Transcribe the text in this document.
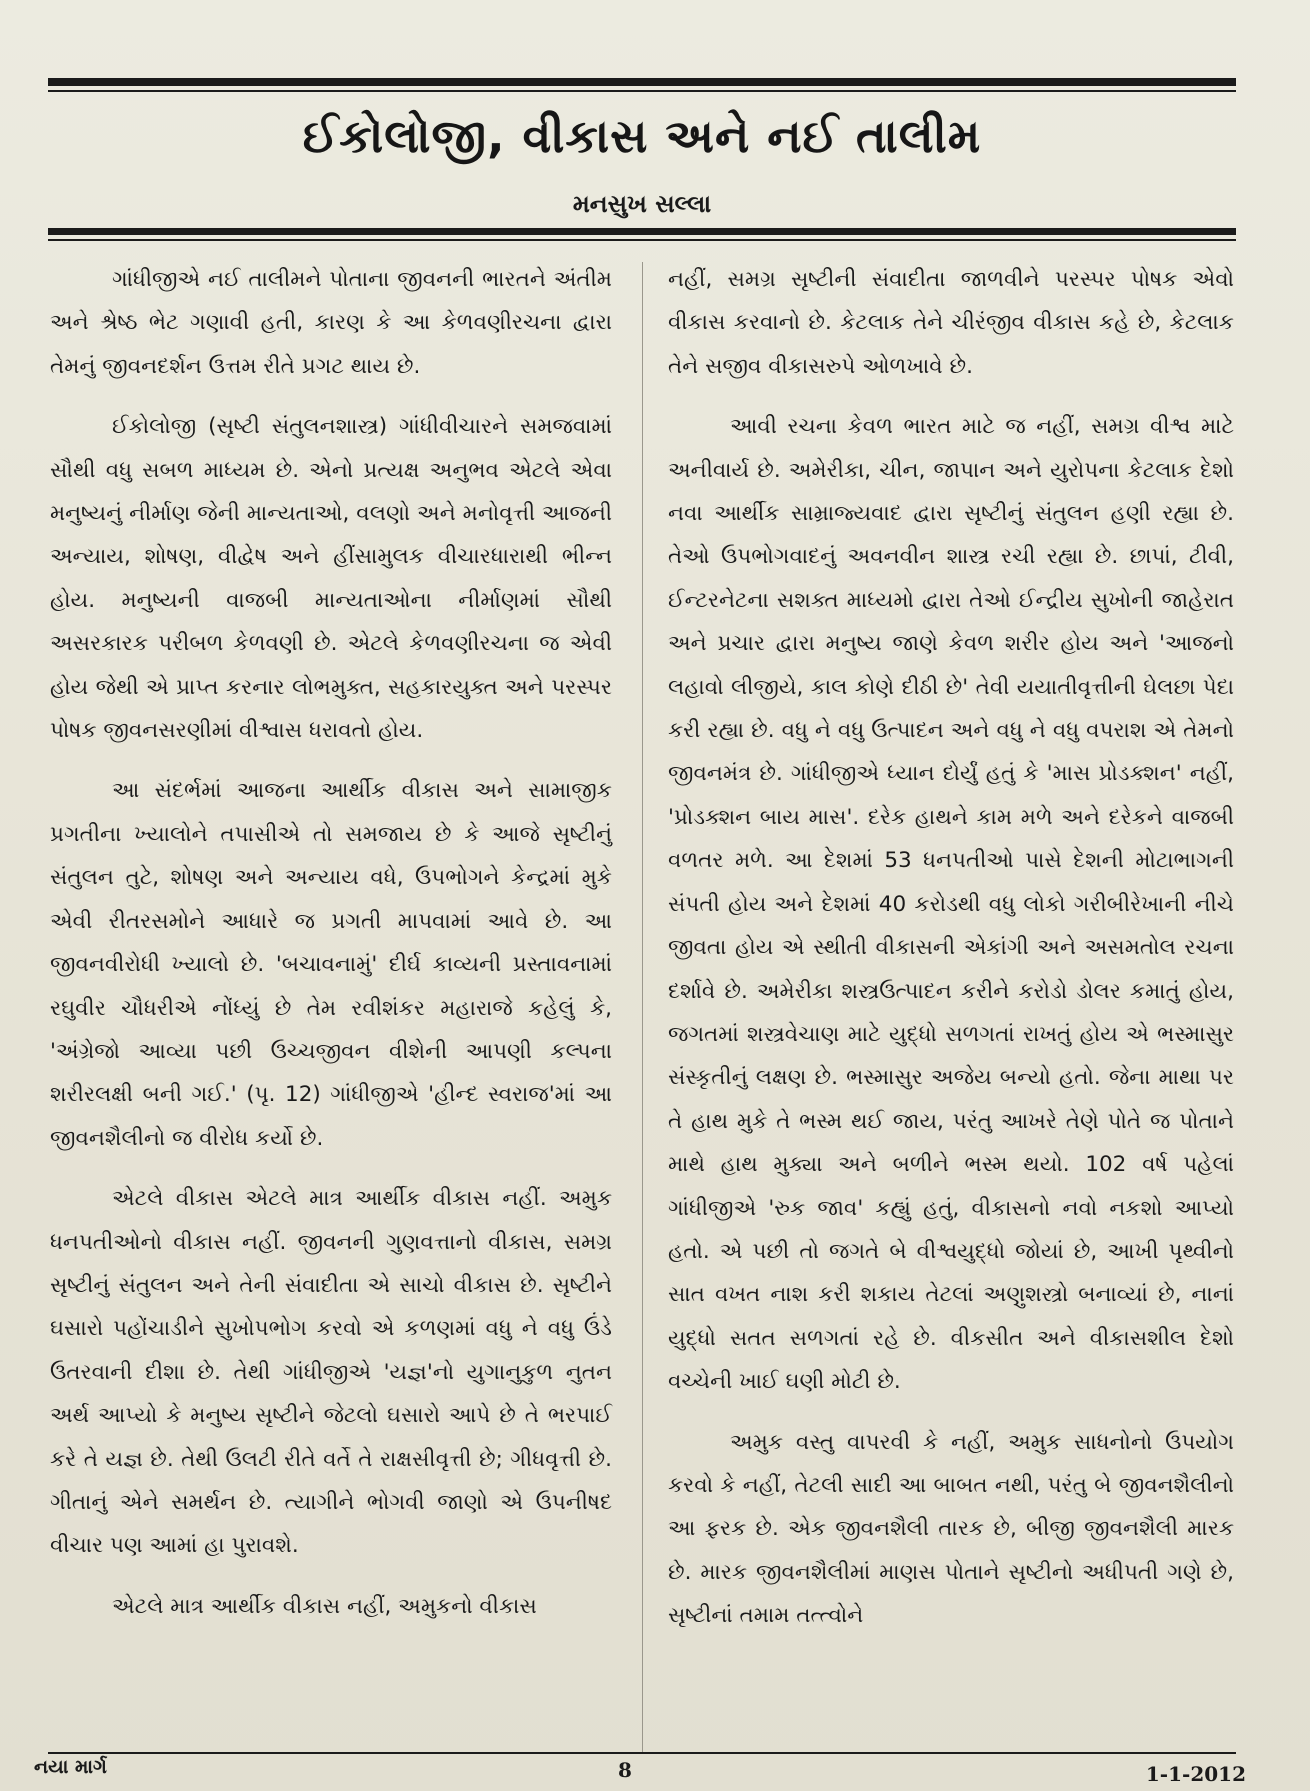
ઈકોલોજી, વીકાસ અને નઈ તાલીમ
મનસુખ સલ્લા

ગાંધીજીએ નઈ તાલીમને પોતાના જીવનની ભારતને અંતીમ અને શ્રેષ્ઠ ભેટ ગણાવી હતી, કારણ કે આ કેળવણીરચના દ્વારા તેમનું જીવનદર્શન ઉત્તમ રીતે પ્રગટ થાય છે.

ઈકોલોજી (સૃષ્ટી સંતુલનશાસ્ત્ર) ગાંધીવીચારને સમજવામાં સૌથી વધુ સબળ માધ્યમ છે. એનો પ્રત્યક્ષ અનુભવ એટલે એવા મનુષ્યનું નીર્માણ જેની માન્યતાઓ, વલણો અને મનોવૃત્તી આજની અન્યાય, શોષણ, વીદ્વેષ અને હીંસામુલક વીચારધારાથી ભીન્ન હોય. મનુષ્યની વાજબી માન્યતાઓના નીર્માણમાં સૌથી અસરકારક પરીબળ કેળવણી છે. એટલે કેળવણીરચના જ એવી હોય જેથી એ પ્રાપ્ત કરનાર લોભમુક્ત, સહકારયુક્ત અને પરસ્પર પોષક જીવનસરણીમાં વીશ્વાસ ધરાવતો હોય.

આ સંદર્ભમાં આજના આર્થીક વીકાસ અને સામાજીક પ્રગતીના ખ્યાલોને તપાસીએ તો સમજાય છે કે આજે સૃષ્ટીનું સંતુલન તુટે, શોષણ અને અન્યાય વધે, ઉપભોગને કેન્દ્રમાં મુકે એવી રીતરસમોને આધારે જ પ્રગતી માપવામાં આવે છે. આ જીવનવીરોધી ખ્યાલો છે. 'બચાવનામું' દીર્ઘ કાવ્યની પ્રસ્તાવનામાં રઘુવીર ચૌધરીએ નોંધ્યું છે તેમ રવીશંકર મહારાજે કહેલું કે, 'અંગ્રેજો આવ્યા પછી ઉચ્ચજીવન વીશેની આપણી કલ્પના શરીરલક્ષી બની ગઈ.' (પૃ. 12) ગાંધીજીએ 'હીન્દ સ્વરાજ'માં આ જીવનશૈલીનો જ વીરોધ કર્યો છે.

એટલે વીકાસ એટલે માત્ર આર્થીક વીકાસ નહીં. અમુક ધનપતીઓનો વીકાસ નહીં. જીવનની ગુણવત્તાનો વીકાસ, સમગ્ર સૃષ્ટીનું સંતુલન અને તેની સંવાદીતા એ સાચો વીકાસ છે. સૃષ્ટીને ઘસારો પહોંચાડીને સુખોપભોગ કરવો એ કળણમાં વધુ ને વધુ ઉંડે ઉતરવાની દીશા છે. તેથી ગાંધીજીએ 'યજ્ઞ'નો યુગાનુકુળ નુતન અર્થ આપ્યો કે મનુષ્ય સૃષ્ટીને જેટલો ઘસારો આપે છે તે ભરપાઈ કરે તે યજ્ઞ છે. તેથી ઉલટી રીતે વર્તે તે રાક્ષસીવૃત્તી છે; ગીધવૃત્તી છે. ગીતાનું એને સમર્થન છે. ત્યાગીને ભોગવી જાણો એ ઉપનીષદ વીચાર પણ આમાં હા પુરાવશે.

એટલે માત્ર આર્થીક વીકાસ નહીં, અમુકનો વીકાસ

નહીં, સમગ્ર સૃષ્ટીની સંવાદીતા જાળવીને પરસ્પર પોષક એવો વીકાસ કરવાનો છે. કેટલાક તેને ચીરંજીવ વીકાસ કહે છે, કેટલાક તેને સજીવ વીકાસરુપે ઓળખાવે છે.

આવી રચના કેવળ ભારત માટે જ નહીં, સમગ્ર વીશ્વ માટે અનીવાર્ય છે. અમેરીકા, ચીન, જાપાન અને યુરોપના કેટલાક દેશો નવા આર્થીક સામ્રાજ્યવાદ દ્વારા સૃષ્ટીનું સંતુલન હણી રહ્યા છે. તેઓ ઉપભોગવાદનું અવનવીન શાસ્ત્ર રચી રહ્યા છે. છાપાં, ટીવી, ઈન્ટરનેટના સશક્ત માધ્યમો દ્વારા તેઓ ઈન્દ્રીય સુખોની જાહેરાત અને પ્રચાર દ્વારા મનુષ્ય જાણે કેવળ શરીર હોય અને 'આજનો લહાવો લીજીયે, કાલ કોણે દીઠી છે' તેવી યયાતીવૃત્તીની ઘેલછા પેદા કરી રહ્યા છે. વધુ ને વધુ ઉત્પાદન અને વધુ ને વધુ વપરાશ એ તેમનો જીવનમંત્ર છે. ગાંધીજીએ ધ્યાન દોર્યું હતું કે 'માસ પ્રોડક્શન' નહીં, 'પ્રોડક્શન બાય માસ'. દરેક હાથને કામ મળે અને દરેકને વાજબી વળતર મળે. આ દેશમાં 53 ધનપતીઓ પાસે દેશની મોટાભાગની સંપતી હોય અને દેશમાં 40 કરોડથી વધુ લોકો ગરીબીરેખાની નીચે જીવતા હોય એ સ્થીતી વીકાસની એકાંગી અને અસમતોલ રચના દર્શાવે છે. અમેરીકા શસ્ત્રઉત્પાદન કરીને કરોડો ડોલર કમાતું હોય, જગતમાં શસ્ત્રવેચાણ માટે યુદ્ધો સળગતાં રાખતું હોય એ ભસ્માસુર સંસ્કૃતીનું લક્ષણ છે. ભસ્માસુર અજેય બન્યો હતો. જેના માથા પર તે હાથ મુકે તે ભસ્મ થઈ જાય, પરંતુ આખરે તેણે પોતે જ પોતાને માથે હાથ મુક્યા અને બળીને ભસ્મ થયો. 102 વર્ષ પહેલાં ગાંધીજીએ 'રુક જાવ' કહ્યું હતું, વીકાસનો નવો નકશો આપ્યો હતો. એ પછી તો જગતે બે વીશ્વયુદ્ધો જોયાં છે, આખી પૃથ્વીનો સાત વખત નાશ કરી શકાય તેટલાં અણુશસ્ત્રો બનાવ્યાં છે, નાનાં યુદ્ધો સતત સળગતાં રહે છે. વીકસીત અને વીકાસશીલ દેશો વચ્ચેની ખાઈ ઘણી મોટી છે.

અમુક વસ્તુ વાપરવી કે નહીં, અમુક સાધનોનો ઉપયોગ કરવો કે નહીં, તેટલી સાદી આ બાબત નથી, પરંતુ બે જીવનશૈલીનો આ ફરક છે. એક જીવનશૈલી તારક છે, બીજી જીવનશૈલી મારક છે. મારક જીવનશૈલીમાં માણસ પોતાને સૃષ્ટીનો અધીપતી ગણે છે, સૃષ્ટીનાં તમામ તત્ત્વોને

નયા માર્ગ	8	1-1-2012
